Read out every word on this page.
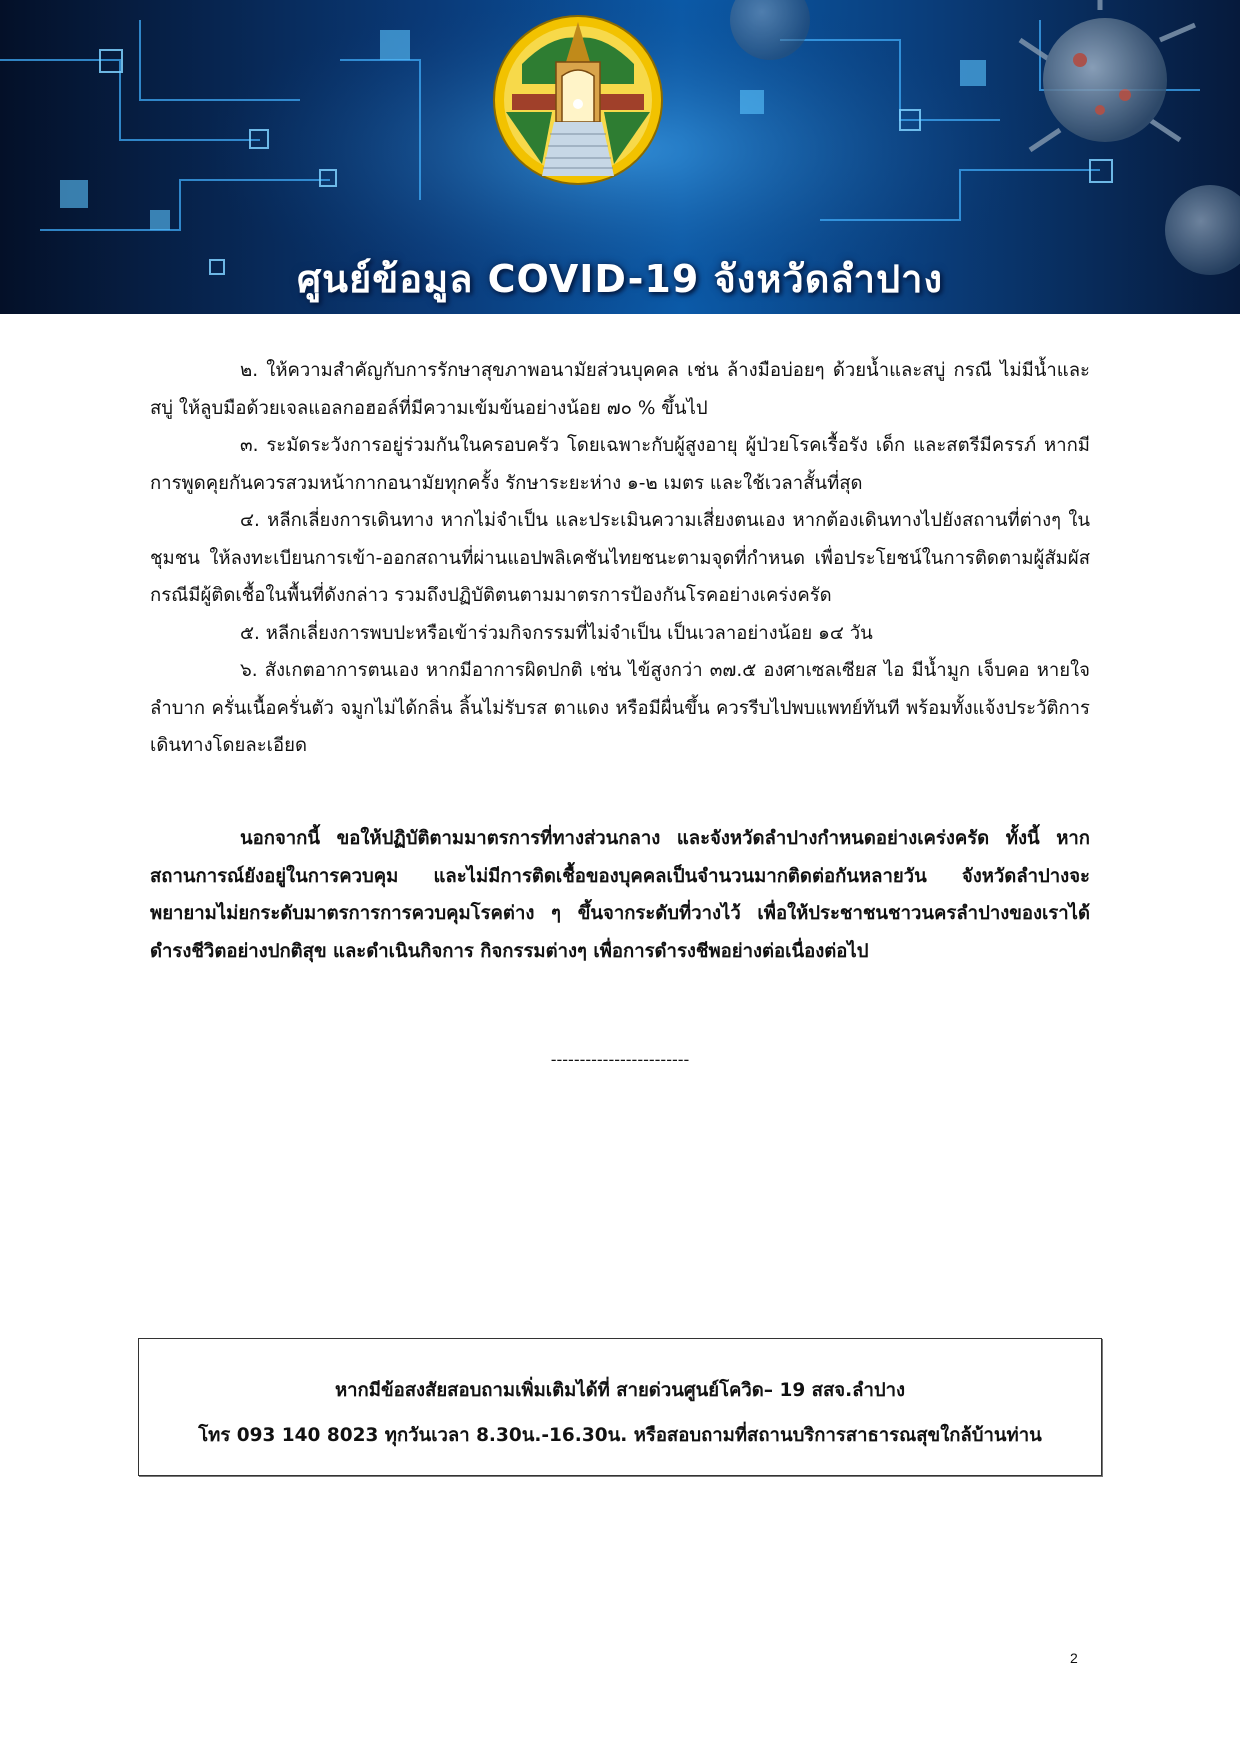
ศูนย์ข้อมูล COVID-19 จังหวัดลำปาง

๒. ให้ความสำคัญกับการรักษาสุขภาพอนามัยส่วนบุคคล เช่น ล้างมือบ่อยๆ ด้วยน้ำและสบู่ กรณี ไม่มีน้ำและสบู่ ให้ลูบมือด้วยเจลแอลกอฮอล์ที่มีความเข้มข้นอย่างน้อย ๗๐ % ขึ้นไป

๓. ระมัดระวังการอยู่ร่วมกันในครอบครัว โดยเฉพาะกับผู้สูงอายุ ผู้ป่วยโรคเรื้อรัง เด็ก และสตรีมีครรภ์ หากมีการพูดคุยกันควรสวมหน้ากากอนามัยทุกครั้ง รักษาระยะห่าง ๑-๒ เมตร และใช้เวลาสั้นที่สุด

๔. หลีกเลี่ยงการเดินทาง หากไม่จำเป็น และประเมินความเสี่ยงตนเอง หากต้องเดินทางไปยังสถานที่ต่างๆ ในชุมชน ให้ลงทะเบียนการเข้า-ออกสถานที่ผ่านแอปพลิเคชันไทยชนะตามจุดที่กำหนด เพื่อประโยชน์ในการติดตามผู้สัมผัส กรณีมีผู้ติดเชื้อในพื้นที่ดังกล่าว รวมถึงปฏิบัติตนตามมาตรการป้องกันโรคอย่างเคร่งครัด

๕. หลีกเลี่ยงการพบปะหรือเข้าร่วมกิจกรรมที่ไม่จำเป็น เป็นเวลาอย่างน้อย ๑๔ วัน

๖. สังเกตอาการตนเอง หากมีอาการผิดปกติ เช่น ไข้สูงกว่า ๓๗.๕ องศาเซลเซียส ไอ มีน้ำมูก เจ็บคอ หายใจลำบาก ครั่นเนื้อครั่นตัว จมูกไม่ได้กลิ่น ลิ้นไม่รับรส ตาแดง หรือมีผื่นขึ้น ควรรีบไปพบแพทย์ทันที พร้อมทั้งแจ้งประวัติการเดินทางโดยละเอียด

นอกจากนี้ ขอให้ปฏิบัติตามมาตรการที่ทางส่วนกลาง และจังหวัดลำปางกำหนดอย่างเคร่งครัด ทั้งนี้ หากสถานการณ์ยังอยู่ในการควบคุม และไม่มีการติดเชื้อของบุคคลเป็นจำนวนมากติดต่อกันหลายวัน จังหวัดลำปางจะพยายามไม่ยกระดับมาตรการการควบคุมโรคต่าง ๆ ขึ้นจากระดับที่วางไว้ เพื่อให้ประชาชนชาวนครลำปางของเราได้ดำรงชีวิตอย่างปกติสุข และดำเนินกิจการ กิจกรรมต่างๆ เพื่อการดำรงชีพอย่างต่อเนื่องต่อไป

------------------------
หากมีข้อสงสัยสอบถามเพิ่มเติมได้ที่ สายด่วนศูนย์โควิด– 19 สสจ.ลำปาง
โทร 093 140 8023 ทุกวันเวลา 8.30น.-16.30น. หรือสอบถามที่สถานบริการสาธารณสุขใกล้บ้านท่าน
2
